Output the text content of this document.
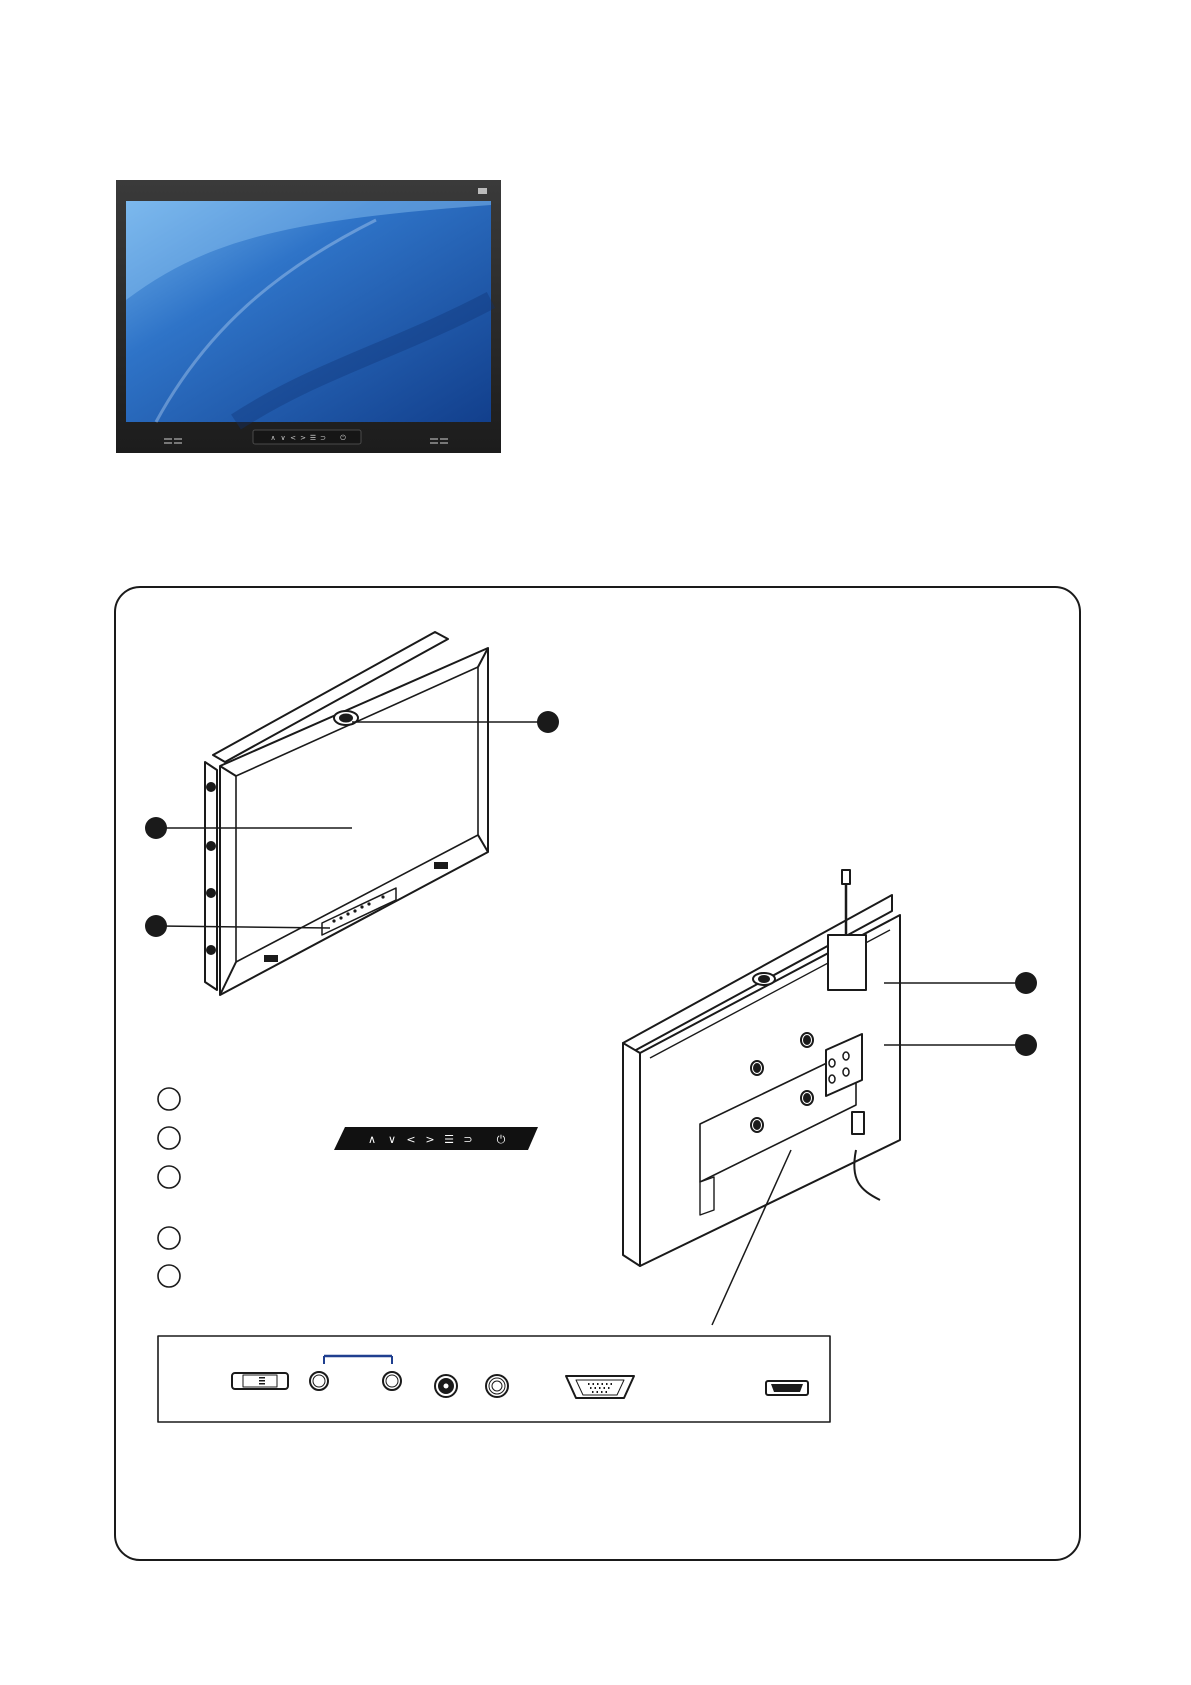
∧ ∨ < > ☰ ⊃ ⏻
∧ ∨ < > ☰ ⊃ ⏻
